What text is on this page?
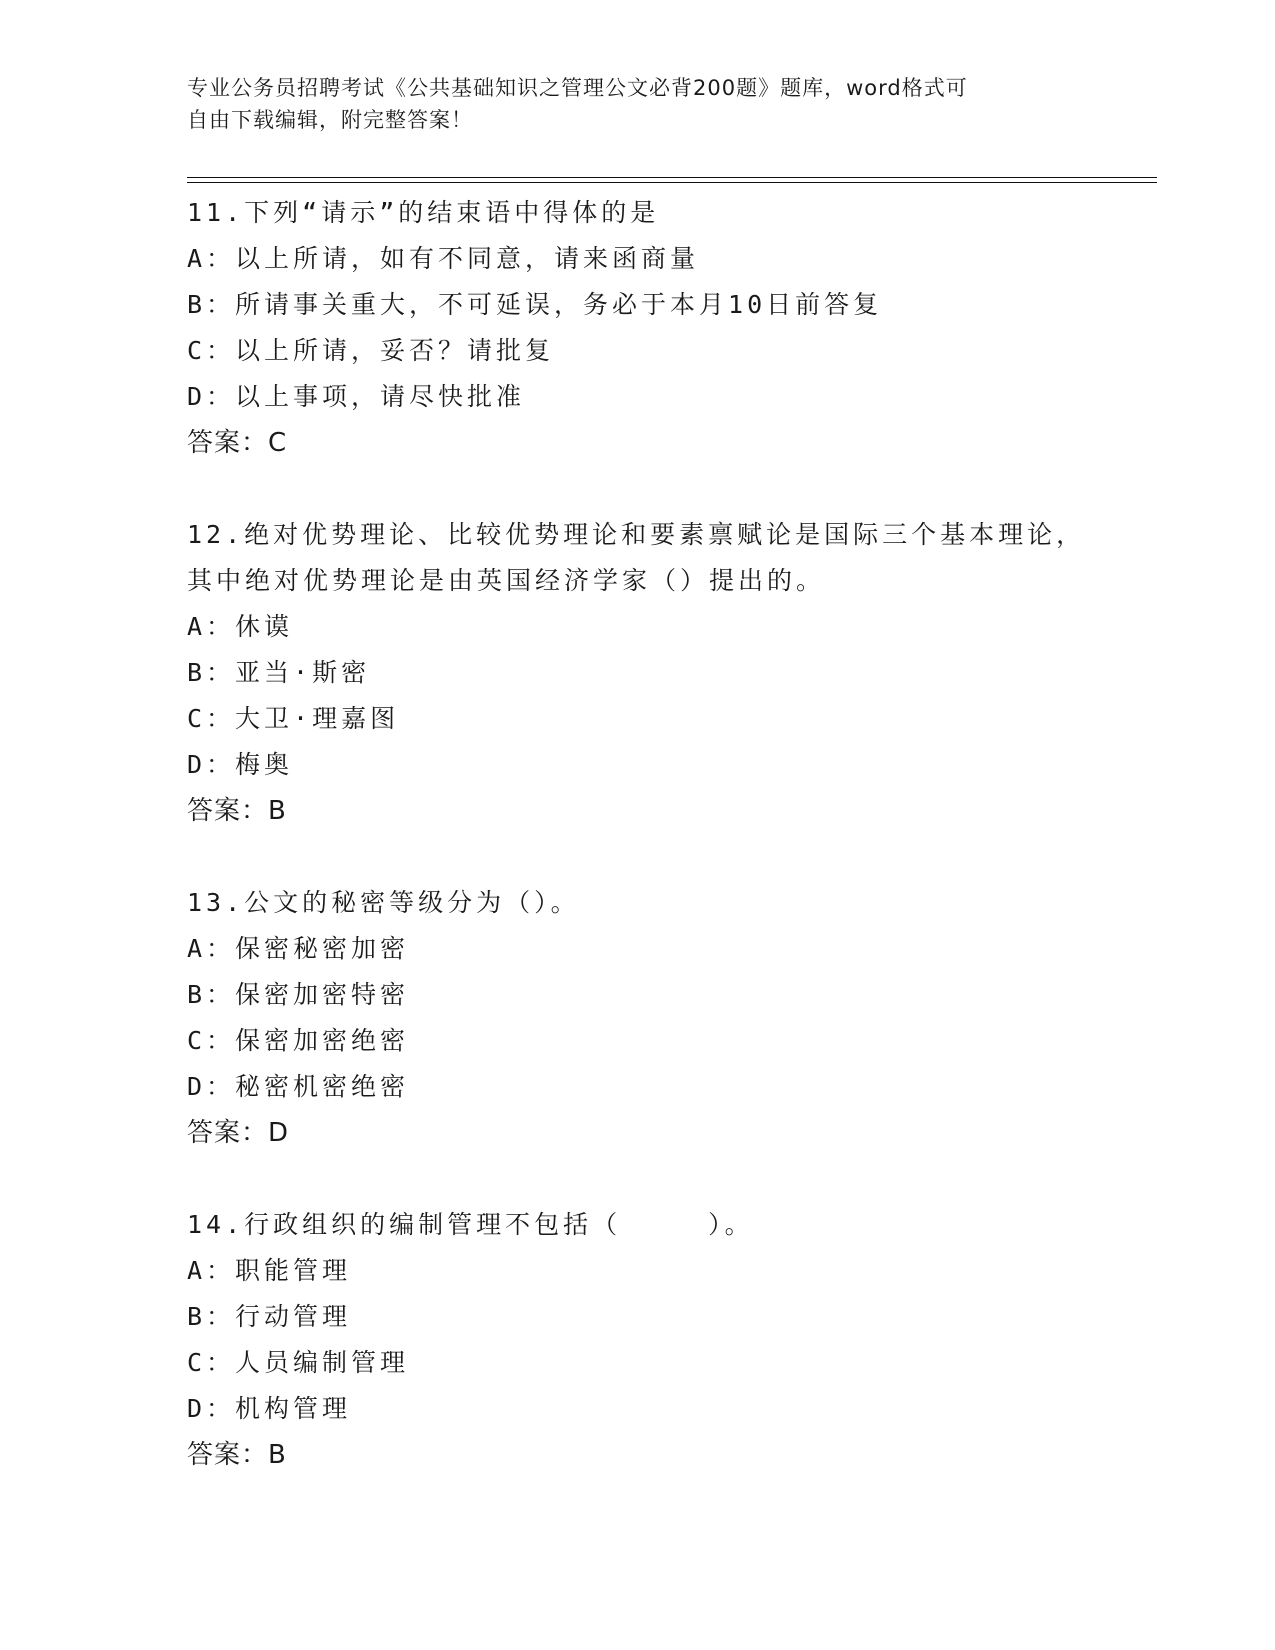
专业公务员招聘考试《公共基础知识之管理公文必背200题》题库，word格式可
自由下载编辑，附完整答案！
11.下列“请示”的结束语中得体的是
A：以上所请，如有不同意，请来函商量
B：所请事关重大，不可延误，务必于本月10日前答复
C：以上所请，妥否？请批复
D：以上事项，请尽快批准
答案：C
12.绝对优势理论、比较优势理论和要素禀赋论是国际三个基本理论，
其中绝对优势理论是由英国经济学家（）提出的。
A：休谟
B：亚当·斯密
C：大卫·理嘉图
D：梅奥
答案：B
13.公文的秘密等级分为（）。
A：保密秘密加密
B：保密加密特密
C：保密加密绝密
D：秘密机密绝密
答案：D
14.行政组织的编制管理不包括（　　　）。
A：职能管理
B：行动管理
C：人员编制管理
D：机构管理
答案：B
